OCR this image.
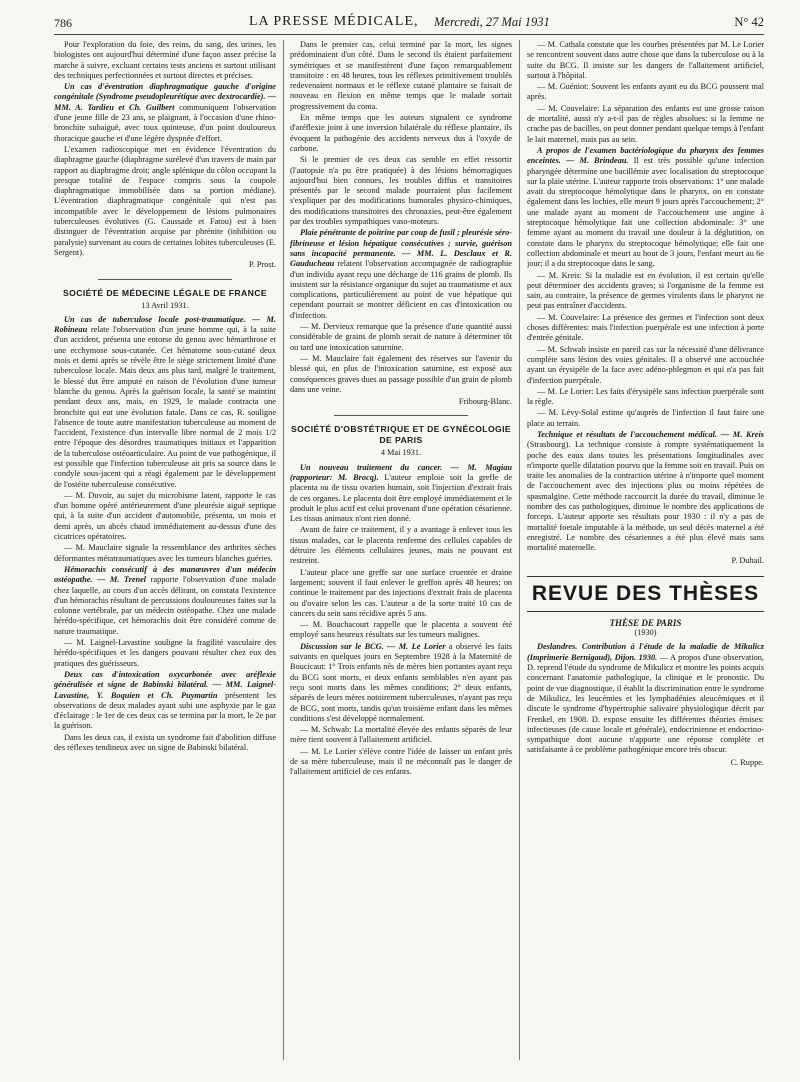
786	LA PRESSE MÉDICALE, Mercredi, 27 Mai 1931	N° 42

Pour l'exploration du foie, des reins, du sang, des urines, les biologistes ont aujourd'hui déterminé d'une façon assez précise la marche à suivre, excluant certains tests anciens et surtout utilisant des techniques perfectionnées et surtout directes et précises.

Un cas d'éventration diaphragmatique gauche d'origine congénitale (Syndrome pseudopleurétique avec dextrocardie). — MM. A. Tardieu et Ch. Guilbert communiquent l'observation d'une jeune fille de 23 ans, se plaignant, à l'occasion d'une rhino-bronchite subaiguë, avec toux quinteuse, d'un point douloureux thoracique gauche et d'une légère dyspnée d'effort.

L'examen radioscopique met en évidence l'éventration du diaphragme gauche (diaphragme surélevé d'un travers de main par rapport au diaphragme droit; angle splénique du côlon occupant la presque totalité de l'espace compris sous la coupole diaphragmatique immobilisée dans sa portion médiane). L'éventration diaphragmatique congénitale qui n'est pas incompatible avec le développement de lésions pulmonaires tuberculeuses évolutives (G. Caussade et Fatou) est à bien distinguer de l'éventration acquise par phrénite (inhibition ou paralysie) survenant au cours de certaines lobites tuberculeuses (E. Sergent).

P. Prost.

SOCIÉTÉ DE MÉDECINE LÉGALE DE FRANCE
13 Avril 1931.

Un cas de tuberculose locale post-traumatique. — M. Robineau relate l'observation d'un jeune homme qui, à la suite d'un accident, présenta une entorse du genou avec hémarthrose et une ecchymose sous-cutanée. Cet hématome sous-cutané deux mois et demi après se révèle être le siège strictement limité d'une tuberculose locale. Mais deux ans plus tard, malgré le traitement, le blessé dut être amputé en raison de l'évolution d'une tumeur blanche du genou. Après la guérison locale, la santé se maintint pendant deux ans, mais, en 1929, le malade contracta une bronchite qui eut une évolution fatale. Dans ce cas, R. souligne l'absence de toute autre manifestation tuberculeuse au moment de l'accident, l'existence d'un intervalle libre normal de 2 mois 1/2 entre l'époque des désordres traumatiques initiaux et l'apparition de la tuberculose ostéoarticulaire. Au point de vue pathogénique, il est possible que l'infection tuberculeuse ait pris sa source dans le condyle sous-jacent qui a réagi également par le développement de l'ostéite tuberculeuse consécutive.

— M. Duvoir, au sujet du microbisme latent, rapporte le cas d'un homme opéré antérieurement d'une pleurésie aiguë septique qui, à la suite d'un accident d'automobile, présenta, un mois et demi après, un abcès chaud immédiatement au-dessus d'une des cicatrices opératoires.

— M. Mauclaire signale la ressemblance des arthrites sèches déformantes métatraumatiques avec les tumeurs blanches guéries.

Hémorachis consécutif à des manœuvres d'un médecin ostéopathe. — M. Trenel rapporte l'observation d'une malade chez laquelle, au cours d'un accès délirant, on constata l'existence d'un hémorachis résultant de percussions douloureuses faites sur la colonne vertébrale, par un médecin ostéopathe. Chez une malade hérédo-spécifique, cet hémorachis doit être considéré comme de nature traumatique.

— M. Laignel-Lavastine souligne la fragilité vasculaire des hérédo-spécifiques et les dangers pouvant résulter chez eux des pratiques des guérisseurs.

Deux cas d'intoxication oxycarbonée avec aréflexie généralisée et signe de Babinski bilatéral. — MM. Laignel-Lavastine, Y. Boquien et Ch. Puymartin présentent les observations de deux malades ayant subi une asphyxie par le gaz d'éclairage : le 1er de ces deux cas se termina par la mort, le 2e par la guérison.

Dans les deux cas, il exista un syndrome fait d'abolition diffuse des réflexes tendineux avec un signe de Babinski bilatéral.

Dans le premier cas, celui terminé par la mort, les signes prédominaient d'un côté. Dans le second ils étaient parfaitement symétriques et se manifestèrent d'une façon remarquablement transitoire : en 48 heures, tous les réflexes primitivement troublés redevenaient normaux et le réflexe cutané plantaire se faisait de nouveau en flexion en même temps que le malade sortait progressivement du coma.

En même temps que les auteurs signalent ce syndrome d'aréflexie joint à une inversion bilatérale du réflexe plantaire, ils évoquent la pathogénie des accidents nerveux dus à l'oxyde de carbone.

Si le premier de ces deux cas semble en effet ressortir (l'autopsie n'a pu être pratiquée) à des lésions hémorragiques aujourd'hui bien connues, les troubles diffus et transitoires présentés par le second malade pourraient plus facilement s'expliquer par des modifications humorales physico-chimiques, des modifications transitoires des chronaxies, peut-être également par des troubles sympathiques vaso-moteurs.

Plaie pénétrante de poitrine par coup de fusil ; pleurésie séro-fibrineuse et lésion hépatique consécutives ; survie, guérison sans incapacité permanente. — MM. L. Desclaux et R. Gauducheau relatent l'observation accompagnée de radiographie d'un individu ayant reçu une décharge de 116 grains de plomb. Ils insistent sur la résistance organique du sujet au traumatisme et aux complications, particulièrement au point de vue hépatique qui cependant pourrait se montrer déficient en cas d'intoxication ou d'infection.

— M. Dervieux remarque que la présence d'une quantité aussi considérable de grains de plomb serait de nature à déterminer tôt ou tard une intoxication saturnine.

— M. Mauclaire fait également des réserves sur l'avenir du blessé qui, en plus de l'intoxication saturnine, est exposé aux conséquences graves dues au passage possible d'un grain de plomb dans une veine.

Fribourg-Blanc.

SOCIÉTÉ D'OBSTÉTRIQUE ET DE GYNÉCOLOGIE DE PARIS
4 Mai 1931.

Un nouveau traitement du cancer. — M. Magiau (rapporteur: M. Brocq). L'auteur emploie soit la greffe de placenta ou de tissu ovarien humain, soit l'injection d'extrait frais de ces organes. Le placenta doit être employé immédiatement et le produit le plus actif est celui provenant d'une opération césarienne. Les tissus animaux n'ont rien donné.

Avant de faire ce traitement, il y a avantage à enlever tous les tissus malades, car le placenta renferme des cellules capables de détruire les éléments cellulaires jeunes, mais ne pouvant est restreint.

L'auteur place une greffe sur une surface cruentée et draine largement; souvent il faut enlever le greffon après 48 heures; on continue le traitement par des injections d'extrait frais de placenta ou d'ovaire selon les cas. L'auteur a de la sorte traité 10 cas de cancers du sein sans récidive après 5 ans.

— M. Bouchacourt rappelle que le placenta a souvent été employé sans heureux résultats sur les tumeurs malignes.

Discussion sur le BCG. — M. Le Lorier a observé les faits suivants en quelques jours en Septembre 1928 à la Maternité de Boucicaut: 1° Trois enfants nés de mères bien portantes ayant reçu du BCG sont morts, et deux enfants semblables n'en ayant pas reçu sont morts dans les mêmes conditions; 2° deux enfants, séparés de leurs mères notoirement tuberculeuses, n'ayant pas reçu de BCG, sont morts, tandis qu'un troisième enfant dans les mêmes conditions s'est développé normalement.

— M. Schwab: La mortalité élevée des enfants séparés de leur mère tient souvent à l'allaitement artificiel.

— M. Le Lorier s'élève contre l'idée de laisser un enfant près de sa mère tuberculeuse, mais il ne méconnaît pas le danger de l'allaitement artificiel de ces enfants.

— M. Cathala constate que les courbes présentées par M. Le Lorier se rencontrent souvent dans autre chose que dans la tuberculose ou à la suite du BCG. Il insiste sur les dangers de l'allaitement artificiel, surtout à l'hôpital.

— M. Guéniot: Souvent les enfants ayant eu du BCG poussent mal après.

— M. Couvelaire: La séparation des enfants est une grosse raison de mortalité, aussi n'y a-t-il pas de règles absolues: si la femme ne crache pas de bacilles, on peut donner pendant quelque temps à l'enfant le lait maternel, mais pas au sein.

A propos de l'examen bactériologique du pharynx des femmes enceintes. — M. Brindeau. Il est très possible qu'une infection pharyngée détermine une bacillémie avec localisation du streptocoque sur la plaie utérine. L'auteur rapporte trois observations: 1° une malade avait du streptocoque hémolytique dans le pharynx, on en constate également dans les lochies, elle meurt 9 jours après l'accouchement; 2° une malade ayant au moment de l'accouchement une angine à streptocoque hémolytique fait une collection abdominale: 3° une femme ayant au moment du travail une douleur à la déglutition, on constate dans le pharynx du streptocoque hémolytique; elle fait une collection abdominale et meurt au bout de 3 jours, l'enfant meurt au 6e jour; il a du streptocoque dans le sang.

— M. Kreis: Si la maladie est en évolution, il est certain qu'elle peut déterminer des accidents graves; si l'organisme de la femme est sain, au contraire, la présence de germes virulents dans le pharynx ne peut pas entraîner d'accidents.

— M. Couvelaire: La présence des germes et l'infection sont deux choses différentes: mais l'infection puerpérale est une infection à porte d'entrée génitale.

— M. Schwab insiste en pareil cas sur la nécessité d'une délivrance complète sans lésion des voies génitales. Il a observé une accouchée ayant un érysipèle de la face avec adéno-phlegmon et qui n'a pas fait d'infection puerpérale.

— M. Le Lorier: Les faits d'érysipèle sans infection puerpérale sont la règle.

— M. Lévy-Solal estime qu'auprès de l'infection il faut faire une place au terrain.

Technique et résultats de l'accouchement médical. — M. Kreis (Strasbourg). La technique consiste à rompre systématiquement la poche des eaux dans toutes les présentations longitudinales avec n'importe quelle dilatation pourvu que la femme soit en travail. Puis on traite les anomalies de la contraction utérine à n'importe quel moment de l'accouchement avec des injections plus ou moins répétées de spasmalgine. Cette méthode raccourcit la durée du travail, diminue le nombre des cas pathologiques, diminue le nombre des applications de forceps. L'auteur apporte ses résultats pour 1930 : il n'y a pas de mortalité foetale imputable à la méthode, un seul décès maternel a été enregistré. Le nombre des césariennes a été plus élevé mais sans mortalité maternelle.

P. Duhail.

REVUE DES THÈSES
THÈSE DE PARIS
(1930)

Deslandres. Contribution à l'étude de la maladie de Mikulicz (Imprimerie Bernigaud), Dijon. 1930. — A propos d'une observation, D. reprend l'étude du syndrome de Mikulicz et montre les points acquis concernant l'anatomie pathologique, la clinique et le pronostic. Du point de vue diagnostique, il établit la discrimination entre le syndrome de Mikulicz, les leucémies et les lymphadénies aleucémiques et il discute le syndrome d'hypertrophie salivaire physiologique décrit par Frenkel, en 1908. D. expose ensuite les différentes théories émises: infectieuses (de cause locale et générale), endocrinienne et endocrino-sympathique dont aucune n'apporte une réponse complète et satisfaisante à ce problème pathogénique encore très obscur.

C. Ruppe.
